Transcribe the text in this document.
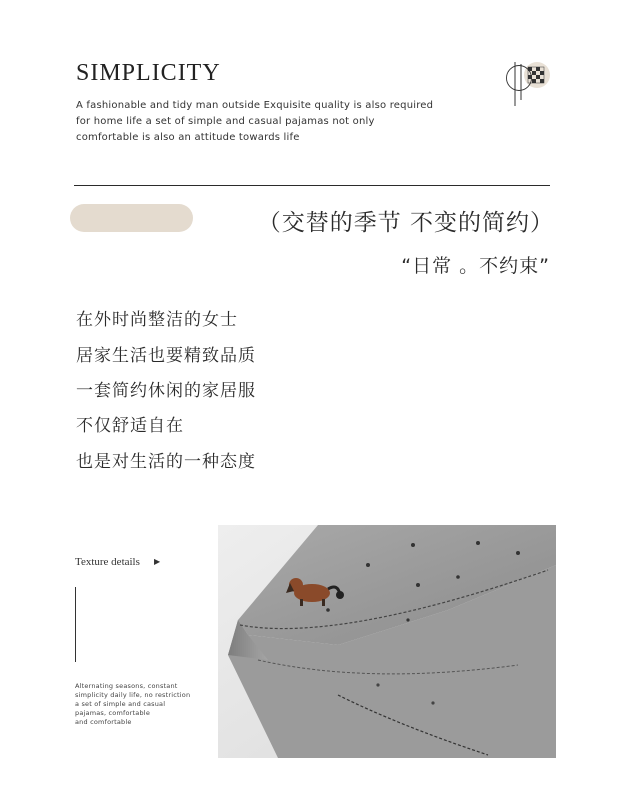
SIMPLICITY
A fashionable and tidy man outside Exquisite quality is also required
for home life a set of simple and casual pajamas not only
comfortable is also an attitude towards life
（交替的季节 不变的简约）
“日常 。不约束”
在外时尚整洁的女士
居家生活也要精致品质
一套简约休闲的家居服
不仅舒适自在
也是对生活的一种态度
Texture details ▶
Alternating seasons, constant
simplicity daily life, no restriction
a set of simple and casual
pajamas, comfortable
and comfortable
